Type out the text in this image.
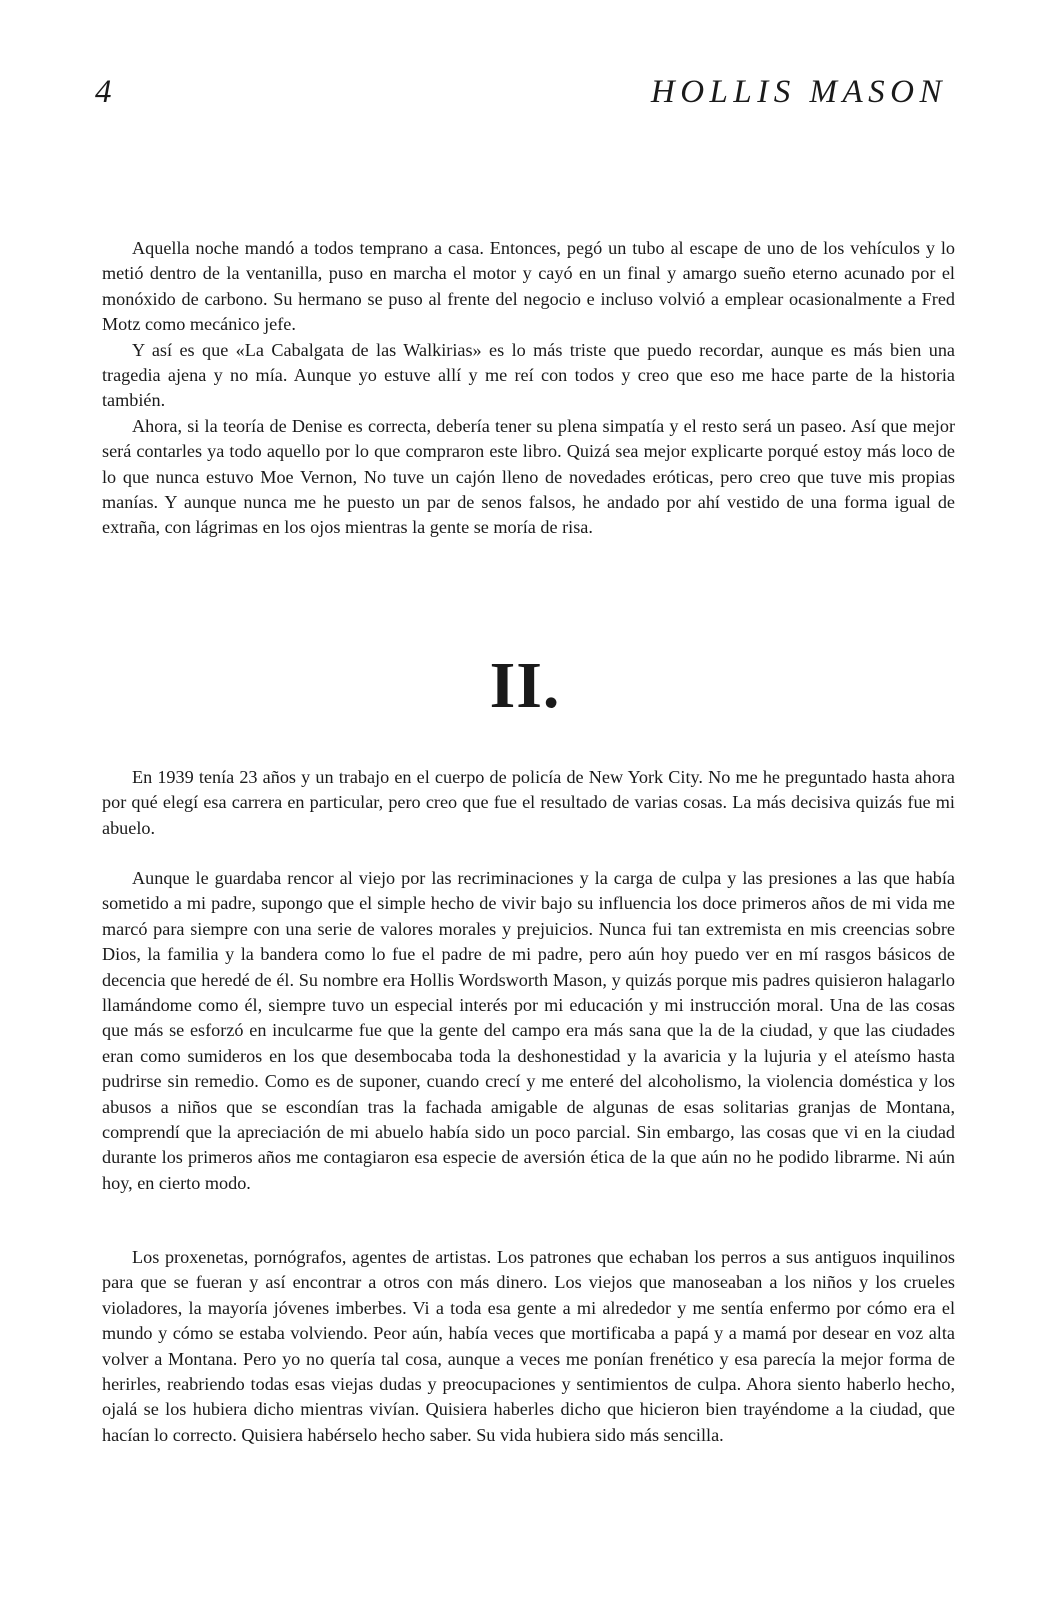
4	HOLLIS MASON

Aquella noche mandó a todos temprano a casa. Entonces, pegó un tubo al escape de uno de los vehículos y lo metió dentro de la ventanilla, puso en marcha el motor y cayó en un final y amargo sueño eterno acunado por el monóxido de carbono. Su hermano se puso al frente del negocio e incluso volvió a emplear ocasionalmente a Fred Motz como mecánico jefe.

Y así es que «La Cabalgata de las Walkirias» es lo más triste que puedo recordar, aunque es más bien una tragedia ajena y no mía. Aunque yo estuve allí y me reí con todos y creo que eso me hace parte de la historia también.

Ahora, si la teoría de Denise es correcta, debería tener su plena simpatía y el resto será un paseo. Así que mejor será contarles ya todo aquello por lo que compraron este libro. Quizá sea mejor explicarte porqué estoy más loco de lo que nunca estuvo Moe Vernon, No tuve un cajón lleno de novedades eróticas, pero creo que tuve mis propias manías. Y aunque nunca me he puesto un par de senos falsos, he andado por ahí vestido de una forma igual de extraña, con lágrimas en los ojos mientras la gente se moría de risa.

II.

En 1939 tenía 23 años y un trabajo en el cuerpo de policía de New York City. No me he preguntado hasta ahora por qué elegí esa carrera en particular, pero creo que fue el resultado de varias cosas. La más decisiva quizás fue mi abuelo.

Aunque le guardaba rencor al viejo por las recriminaciones y la carga de culpa y las presiones a las que había sometido a mi padre, supongo que el simple hecho de vivir bajo su influencia los doce primeros años de mi vida me marcó para siempre con una serie de valores morales y prejuicios. Nunca fui tan extremista en mis creencias sobre Dios, la familia y la bandera como lo fue el padre de mi padre, pero aún hoy puedo ver en mí rasgos básicos de decencia que heredé de él. Su nombre era Hollis Wordsworth Mason, y quizás porque mis padres quisieron halagarlo llamándome como él, siempre tuvo un especial interés por mi educación y mi instrucción moral. Una de las cosas que más se esforzó en inculcarme fue que la gente del campo era más sana que la de la ciudad, y que las ciudades eran como sumideros en los que desembocaba toda la deshonestidad y la avaricia y la lujuria y el ateísmo hasta pudrirse sin remedio. Como es de suponer, cuando crecí y me enteré del alcoholismo, la violencia doméstica y los abusos a niños que se escondían tras la fachada amigable de algunas de esas solitarias granjas de Montana, comprendí que la apreciación de mi abuelo había sido un poco parcial. Sin embargo, las cosas que vi en la ciudad durante los primeros años me contagiaron esa especie de aversión ética de la que aún no he podido librarme. Ni aún hoy, en cierto modo.

Los proxenetas, pornógrafos, agentes de artistas. Los patrones que echaban los perros a sus antiguos inquilinos para que se fueran y así encontrar a otros con más dinero. Los viejos que manoseaban a los niños y los crueles violadores, la mayoría jóvenes imberbes. Vi a toda esa gente a mi alrededor y me sentía enfermo por cómo era el mundo y cómo se estaba volviendo. Peor aún, había veces que mortificaba a papá y a mamá por desear en voz alta volver a Montana. Pero yo no quería tal cosa, aunque a veces me ponían frenético y esa parecía la mejor forma de herirles, reabriendo todas esas viejas dudas y preocupaciones y sentimientos de culpa. Ahora siento haberlo hecho, ojalá se los hubiera dicho mientras vivían. Quisiera haberles dicho que hicieron bien trayéndome a la ciudad, que hacían lo correcto. Quisiera habérselo hecho saber. Su vida hubiera sido más sencilla.
